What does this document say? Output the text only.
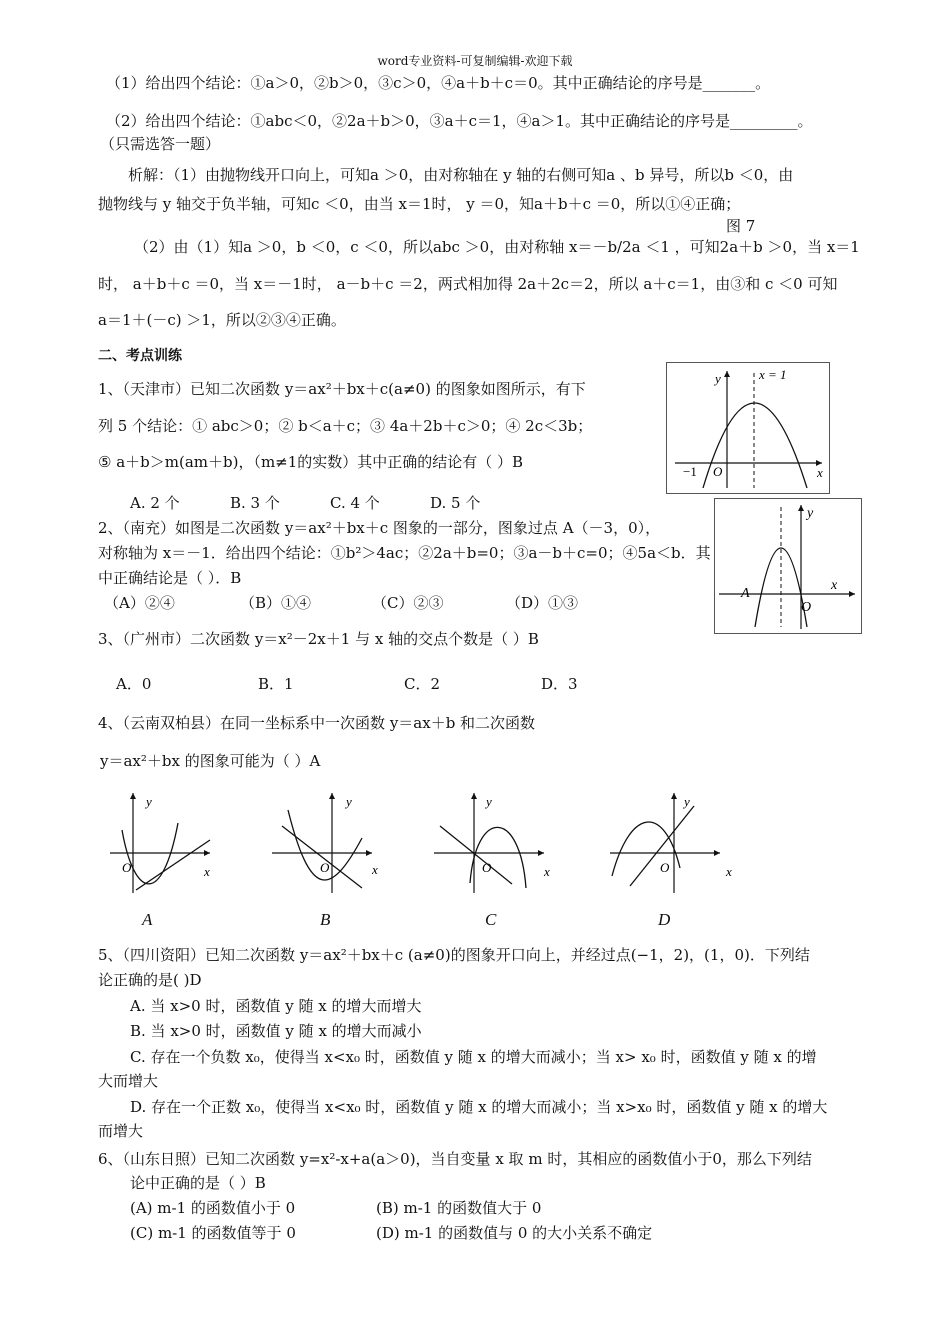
word专业资料-可复制编辑-欢迎下载
（1）给出四个结论：①a＞0，②b＞0，③c＞0，④a＋b＋c＝0。其中正确结论的序号是_______。
（2）给出四个结论：①abc＜0，②2a＋b＞0，③a＋c＝1，④a＞1。其中正确结论的序号是_________。
（只需选答一题）
析解：（1）由抛物线开口向上，可知a ＞0，由对称轴在 y 轴的右侧可知a 、b 异号，所以b ＜0，由
抛物线与 y 轴交于负半轴，可知c ＜0，由当 x＝1时， y ＝0，知a＋b＋c ＝0，所以①④正确；
图 7
（2）由（1）知a ＞0，b ＜0，c ＜0，所以abc ＞0，由对称轴 x＝－b/2a ＜1 ，可知2a＋b ＞0，当 x＝1
时， a＋b＋c ＝0，当 x＝－1时， a－b＋c ＝2，两式相加得 2a＋2c＝2，所以 a＋c＝1，由③和 c ＜0 可知
a＝1＋(－c) ＞1，所以②③④正确。
二、考点训练
1、（天津市）已知二次函数 y＝ax²＋bx＋c(a≠0) 的图象如图所示，有下
列 5 个结论：① abc＞0；② b＜a＋c；③ 4a＋2b＋c＞0；④ 2c＜3b；
⑤ a＋b＞m(am＋b)，（m≠1的实数）其中正确的结论有（ ）B
A. 2 个	B. 3 个	C. 4 个	D. 5 个
x = 1
y
x
−1 O
2、（南充）如图是二次函数 y＝ax²＋bx＋c 图象的一部分，图象过点 A（－3，0），
对称轴为 x＝－1．给出四个结论：①b²＞4ac；②2a＋b=0；③a－b＋c=0；④5a＜b．其
中正确结论是（ ）．B
（A）②④	（B）①④	（C）②③	（D）①③
y
x
A
O
3、（广州市）二次函数 y＝x²－2x＋1 与 x 轴的交点个数是（ ）B
A．0	B．1	C．2	D．3
4、（云南双柏县）在同一坐标系中一次函数 y＝ax＋b 和二次函数
y＝ax²＋bx 的图象可能为（ ）A
y
O	x
y
O	x
y
O	x
y
O	x
A	B	C	D
5、（四川资阳）已知二次函数 y＝ax²＋bx＋c (a≠0)的图象开口向上，并经过点(−1，2)，(1，0)．下列结
论正确的是( )D
A. 当 x>0 时，函数值 y 随 x 的增大而增大
B. 当 x>0 时，函数值 y 随 x 的增大而减小
C. 存在一个负数 x₀，使得当 x<x₀ 时，函数值 y 随 x 的增大而减小；当 x> x₀ 时，函数值 y 随 x 的增
大而增大
D. 存在一个正数 x₀，使得当 x<x₀ 时，函数值 y 随 x 的增大而减小；当 x>x₀ 时，函数值 y 随 x 的增大
而增大
6、（山东日照）已知二次函数 y=x²-x+a(a＞0)，当自变量 x 取 m 时，其相应的函数值小于0，那么下列结
论中正确的是（ ）B
(A) m-1 的函数值小于 0	(B) m-1 的函数值大于 0
(C) m-1 的函数值等于 0	(D) m-1 的函数值与 0 的大小关系不确定
